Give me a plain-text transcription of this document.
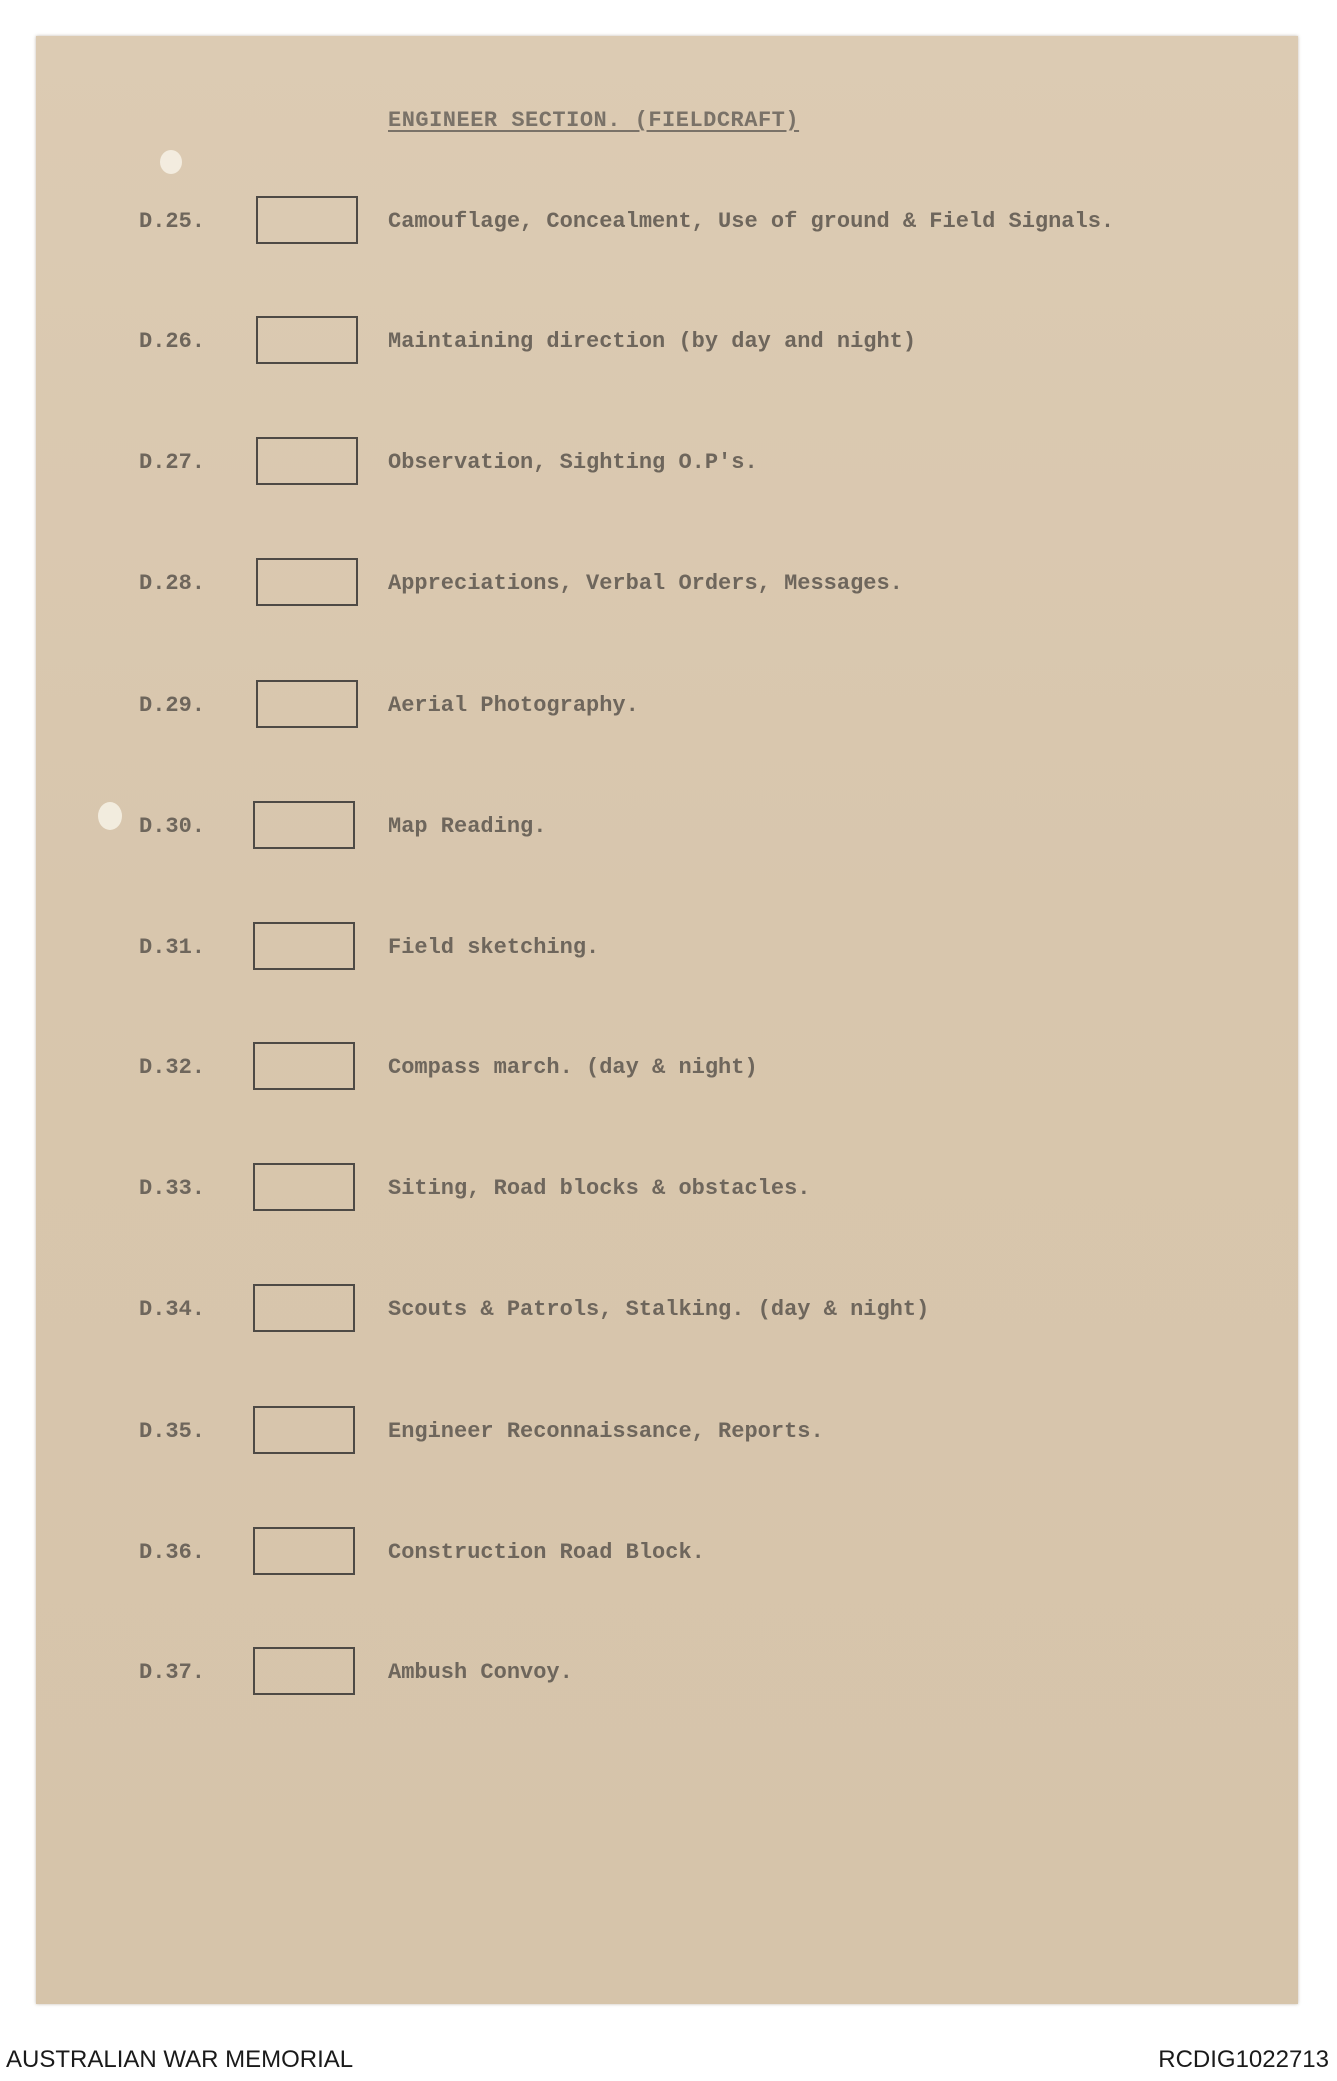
ENGINEER SECTION. (FIELDCRAFT)
D.25.	Camouflage, Concealment, Use of ground & Field Signals.
D.26.	Maintaining direction (by day and night)
D.27.	Observation, Sighting O.P's.
D.28.	Appreciations, Verbal Orders, Messages.
D.29.	Aerial Photography.
D.30.	Map Reading.
D.31.	Field sketching.
D.32.	Compass march. (day & night)
D.33.	Siting, Road blocks & obstacles.
D.34.	Scouts & Patrols, Stalking. (day & night)
D.35.	Engineer Reconnaissance, Reports.
D.36.	Construction Road Block.
D.37.	Ambush Convoy.
AUSTRALIAN WAR MEMORIAL	RCDIG1022713
